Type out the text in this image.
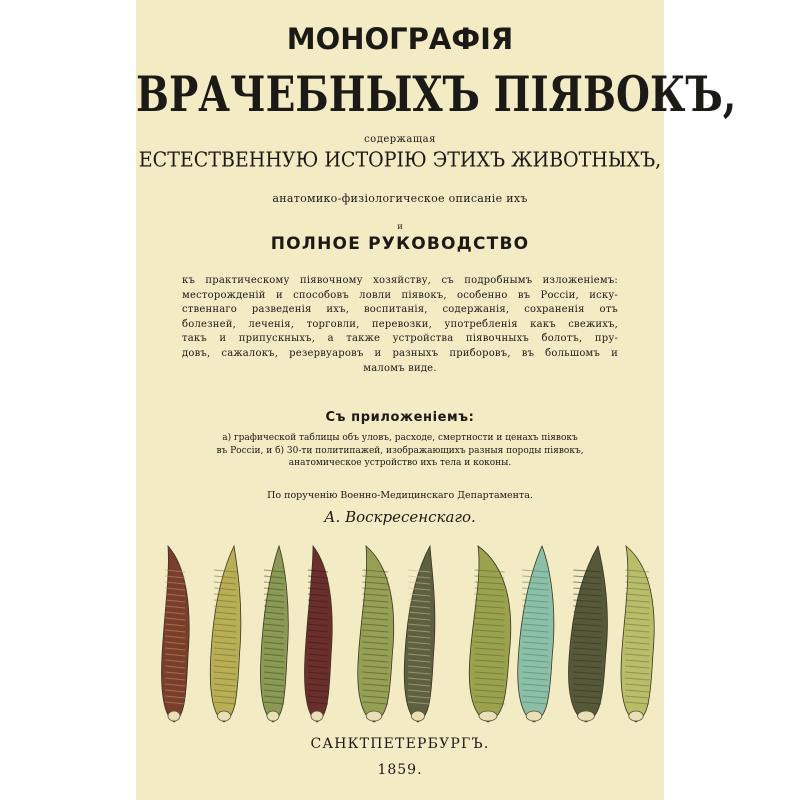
МОНОГРАФІЯ
ВРАЧЕБНЫХЪ ПІЯВОКЪ,
содержащая
ЕСТЕСТВЕННУЮ ИСТОРІЮ ЭТИХЪ ЖИВОТНЫХЪ,
анатомико-физіологическое описаніе ихъ
и
ПОЛНОЕ РУКОВОДСТВО

къ практическому піявочному хозяйству, съ подробнымъ изложеніемъ:
месторожденій и способовъ ловли піявокъ, особенно въ Россіи, иску-
ственнаго разведенія ихъ, воспитанія, содержанія, сохраненія отъ
болезней, леченія, торговли, перевозки, употребленія какъ свежихъ,
такъ и припускныхъ, а также устройства піявочныхъ болотъ, пру-
довъ, сажалокъ, резервуаровъ и разныхъ приборовъ, въ большомъ и
маломъ виде.

Съ приложеніемъ:

а) графической таблицы объ уловъ, расходе, смертности и ценахъ піявокъ
въ Россіи, и б) 30-ти политипажей, изображающихъ разныя породы піявокъ,
анатомическое устройство ихъ тела и коконы.

По порученію Военно-Медицинскаго Департамента.
А. Воскресенскаго.
САНКТПЕТЕРБУРГЪ.
1859.
